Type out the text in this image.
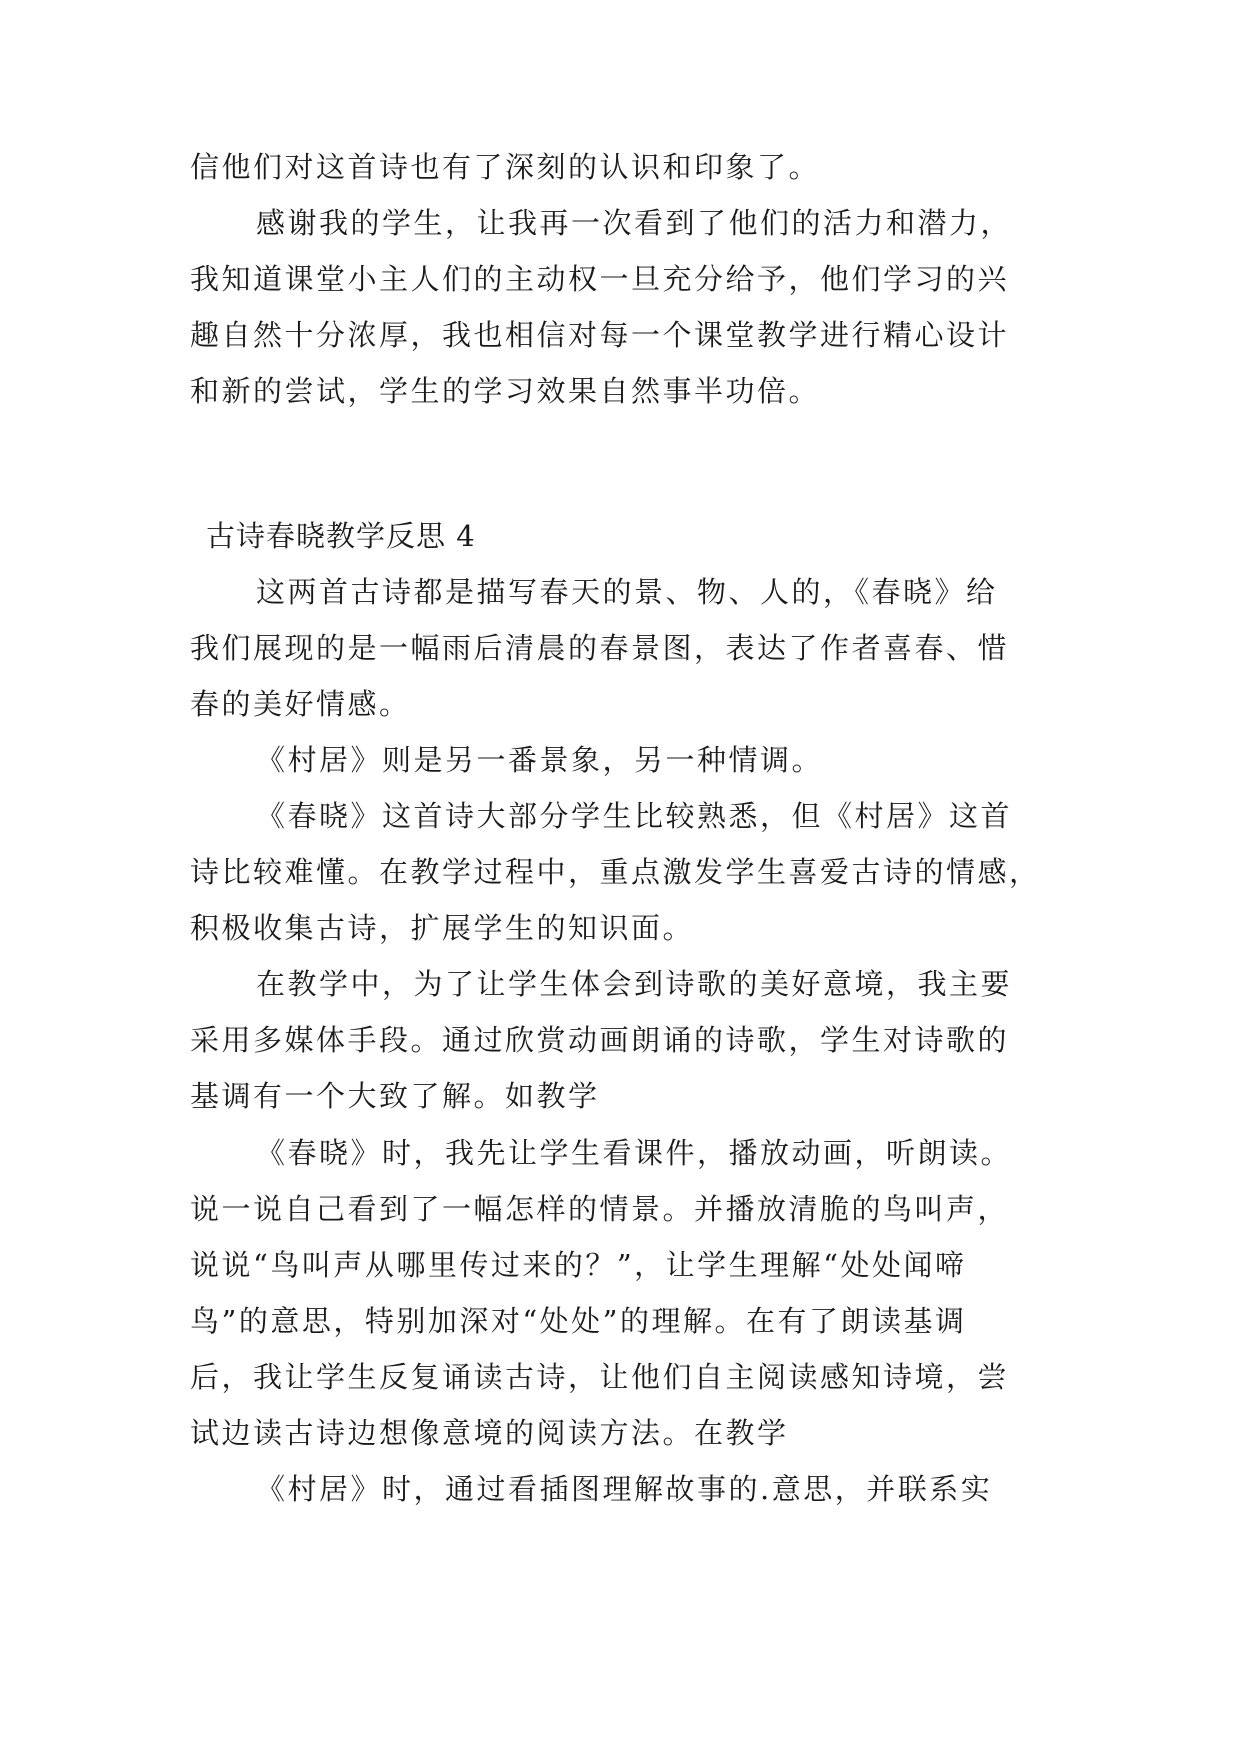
信他们对这首诗也有了深刻的认识和印象了。
感谢我的学生，让我再一次看到了他们的活力和潜力，
我知道课堂小主人们的主动权一旦充分给予，他们学习的兴
趣自然十分浓厚，我也相信对每一个课堂教学进行精心设计
和新的尝试，学生的学习效果自然事半功倍。
古诗春晓教学反思 4
这两首古诗都是描写春天的景、物、人的，《春晓》给
我们展现的是一幅雨后清晨的春景图，表达了作者喜春、惜
春的美好情感。
《村居》则是另一番景象，另一种情调。
《春晓》这首诗大部分学生比较熟悉，但《村居》这首
诗比较难懂。在教学过程中，重点激发学生喜爱古诗的情感，
积极收集古诗，扩展学生的知识面。
在教学中，为了让学生体会到诗歌的美好意境，我主要
采用多媒体手段。通过欣赏动画朗诵的诗歌，学生对诗歌的
基调有一个大致了解。如教学
《春晓》时，我先让学生看课件，播放动画，听朗读。
说一说自己看到了一幅怎样的情景。并播放清脆的鸟叫声，
说说“鸟叫声从哪里传过来的？”，让学生理解“处处闻啼
鸟”的意思，特别加深对“处处”的理解。在有了朗读基调
后，我让学生反复诵读古诗，让他们自主阅读感知诗境，尝
试边读古诗边想像意境的阅读方法。在教学
《村居》时，通过看插图理解故事的.意思，并联系实
